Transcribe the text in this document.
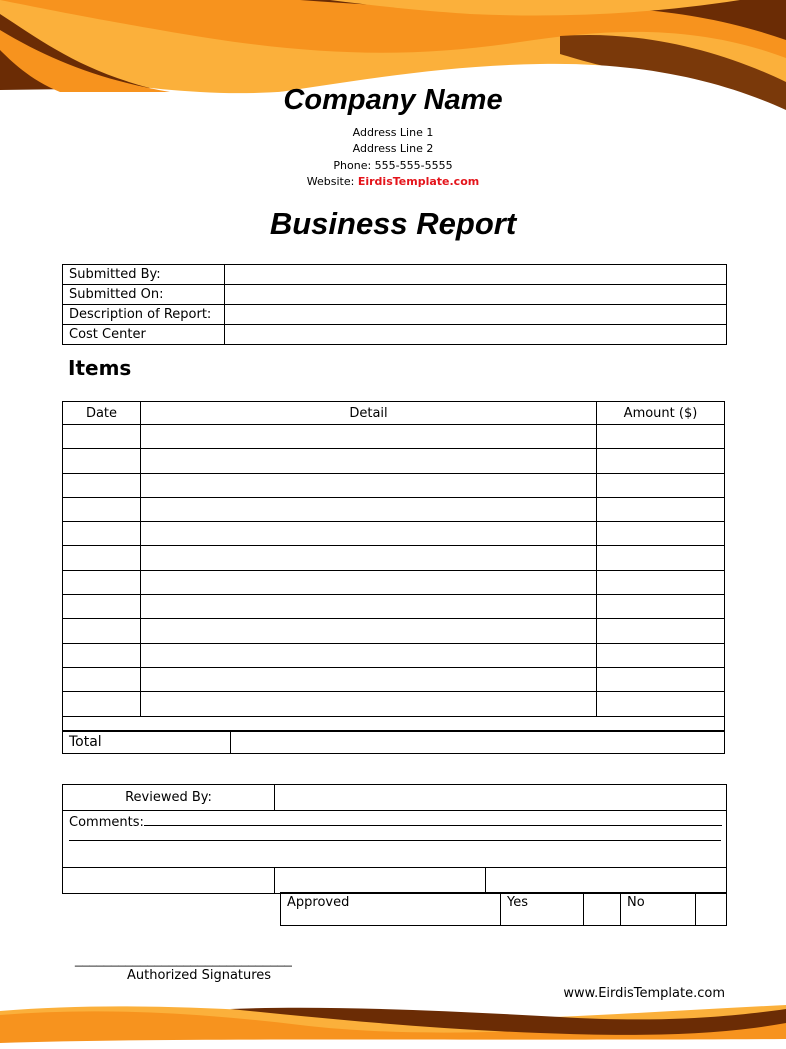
Company Name
Address Line 1
Address Line 2
Phone: 555-555-5555
Website: EirdisTemplate.com
Business Report
Submitted By:	
Submitted On:	
Description of Report:	
Cost Center	
Items
Date	Detail	Amount ($)

Total	
Reviewed By:		

Comments:		

Approved	Yes		No	
______________________________
Authorized Signatures
www.EirdisTemplate.com
